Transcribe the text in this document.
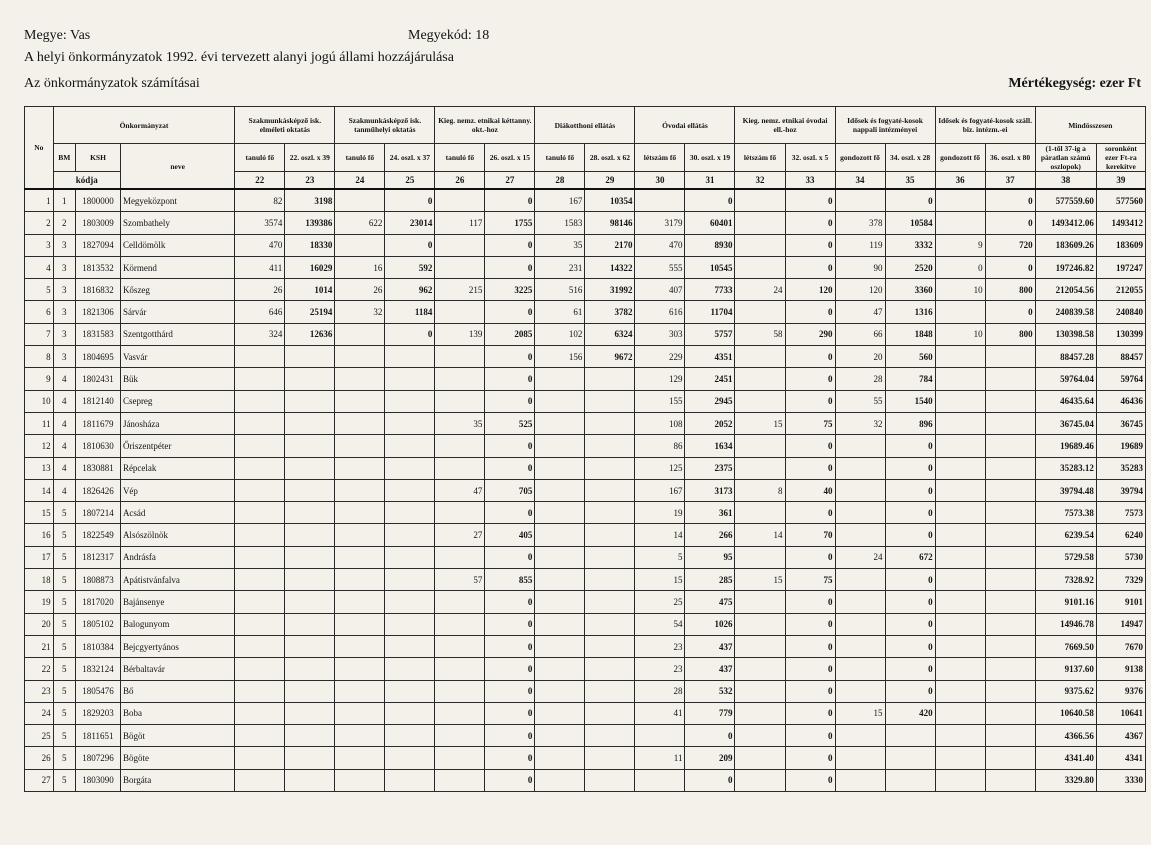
Megye: Vas	Megyekód: 18
A helyi önkormányzatok 1992. évi tervezett alanyi jogú állami hozzájárulása
Az önkormányzatok számításai	Mértékegység: ezer Ft
No	Önkormányzat			Szakmunkásképző isk. elméleti oktatás		Szakmunkásképző isk. tanműhelyi oktatás		Kieg. nemz. etnikai kéttanny. okt.-hoz		Diákotthoni ellátás		Óvodai ellátás		Kieg. nemz. etnikai óvodai ell.-hoz		Idősek és fogyaté-kosok nappali intézményei		Idősek és fogyaté-kosok száll. biz. intézm.-ei		Mindösszesen	
				tanuló fő	22. oszl. x 39	tanuló fő	24. oszl. x 37	tanuló fő	26. oszl. x 15	tanuló fő	28. oszl. x 62	létszám fő	30. oszl. x 19	létszám fő	32. oszl. x 5	gondozott fő	34. oszl. x 28	gondozott fő	36. oszl. x 80	(1-től 37-ig a páratlan számú oszlopok)	soronként ezer Ft-ra kerekítve
	BM	KSH	neve																		
	kódja			22	23	24	25	26	27	28	29	30	31	32	33	34	35	36	37	38	39
1	1	1800000	Megyeközpont	82	3198		0		0	167	10354		0		0		0		0	577559.60	577560
2	2	1803009	Szombathely	3574	139386	622	23014	117	1755	1583	98146	3179	60401		0	378	10584		0	1493412.06	1493412
3	3	1827094	Celldömölk	470	18330		0		0	35	2170	470	8930		0	119	3332	9	720	183609.26	183609
4	3	1813532	Körmend	411	16029	16	592		0	231	14322	555	10545		0	90	2520	0	0	197246.82	197247
5	3	1816832	Kőszeg	26	1014	26	962	215	3225	516	31992	407	7733	24	120	120	3360	10	800	212054.56	212055
6	3	1821306	Sárvár	646	25194	32	1184		0	61	3782	616	11704		0	47	1316		0	240839.58	240840
7	3	1831583	Szentgotthárd	324	12636		0	139	2085	102	6324	303	5757	58	290	66	1848	10	800	130398.58	130399
8	3	1804695	Vasvár						0	156	9672	229	4351		0	20	560			88457.28	88457
9	4	1802431	Bük						0			129	2451		0	28	784			59764.04	59764
10	4	1812140	Csepreg						0			155	2945		0	55	1540			46435.64	46436
11	4	1811679	Jánosháza					35	525			108	2052	15	75	32	896			36745.04	36745
12	4	1810630	Őriszentpéter						0			86	1634		0		0			19689.46	19689
13	4	1830881	Répcelak						0			125	2375		0		0			35283.12	35283
14	4	1826426	Vép					47	705			167	3173	8	40		0			39794.48	39794
15	5	1807214	Acsád						0			19	361		0		0			7573.38	7573
16	5	1822549	Alsószölnök					27	405			14	266	14	70		0			6239.54	6240
17	5	1812317	Andrásfa						0			5	95		0	24	672			5729.58	5730
18	5	1808873	Apátistvánfalva					57	855			15	285	15	75		0			7328.92	7329
19	5	1817020	Bajánsenye						0			25	475		0		0			9101.16	9101
20	5	1805102	Balogunyom						0			54	1026		0		0			14946.78	14947
21	5	1810384	Bejcgyertyános						0			23	437		0		0			7669.50	7670
22	5	1832124	Bérbaltavár						0			23	437		0		0			9137.60	9138
23	5	1805476	Bő						0			28	532		0		0			9375.62	9376
24	5	1829203	Boba						0			41	779		0	15	420			10640.58	10641
25	5	1811651	Bögöt						0				0		0					4366.56	4367
26	5	1807296	Bögöte						0			11	209		0					4341.40	4341
27	5	1803090	Borgáta						0				0		0					3329.80	3330
